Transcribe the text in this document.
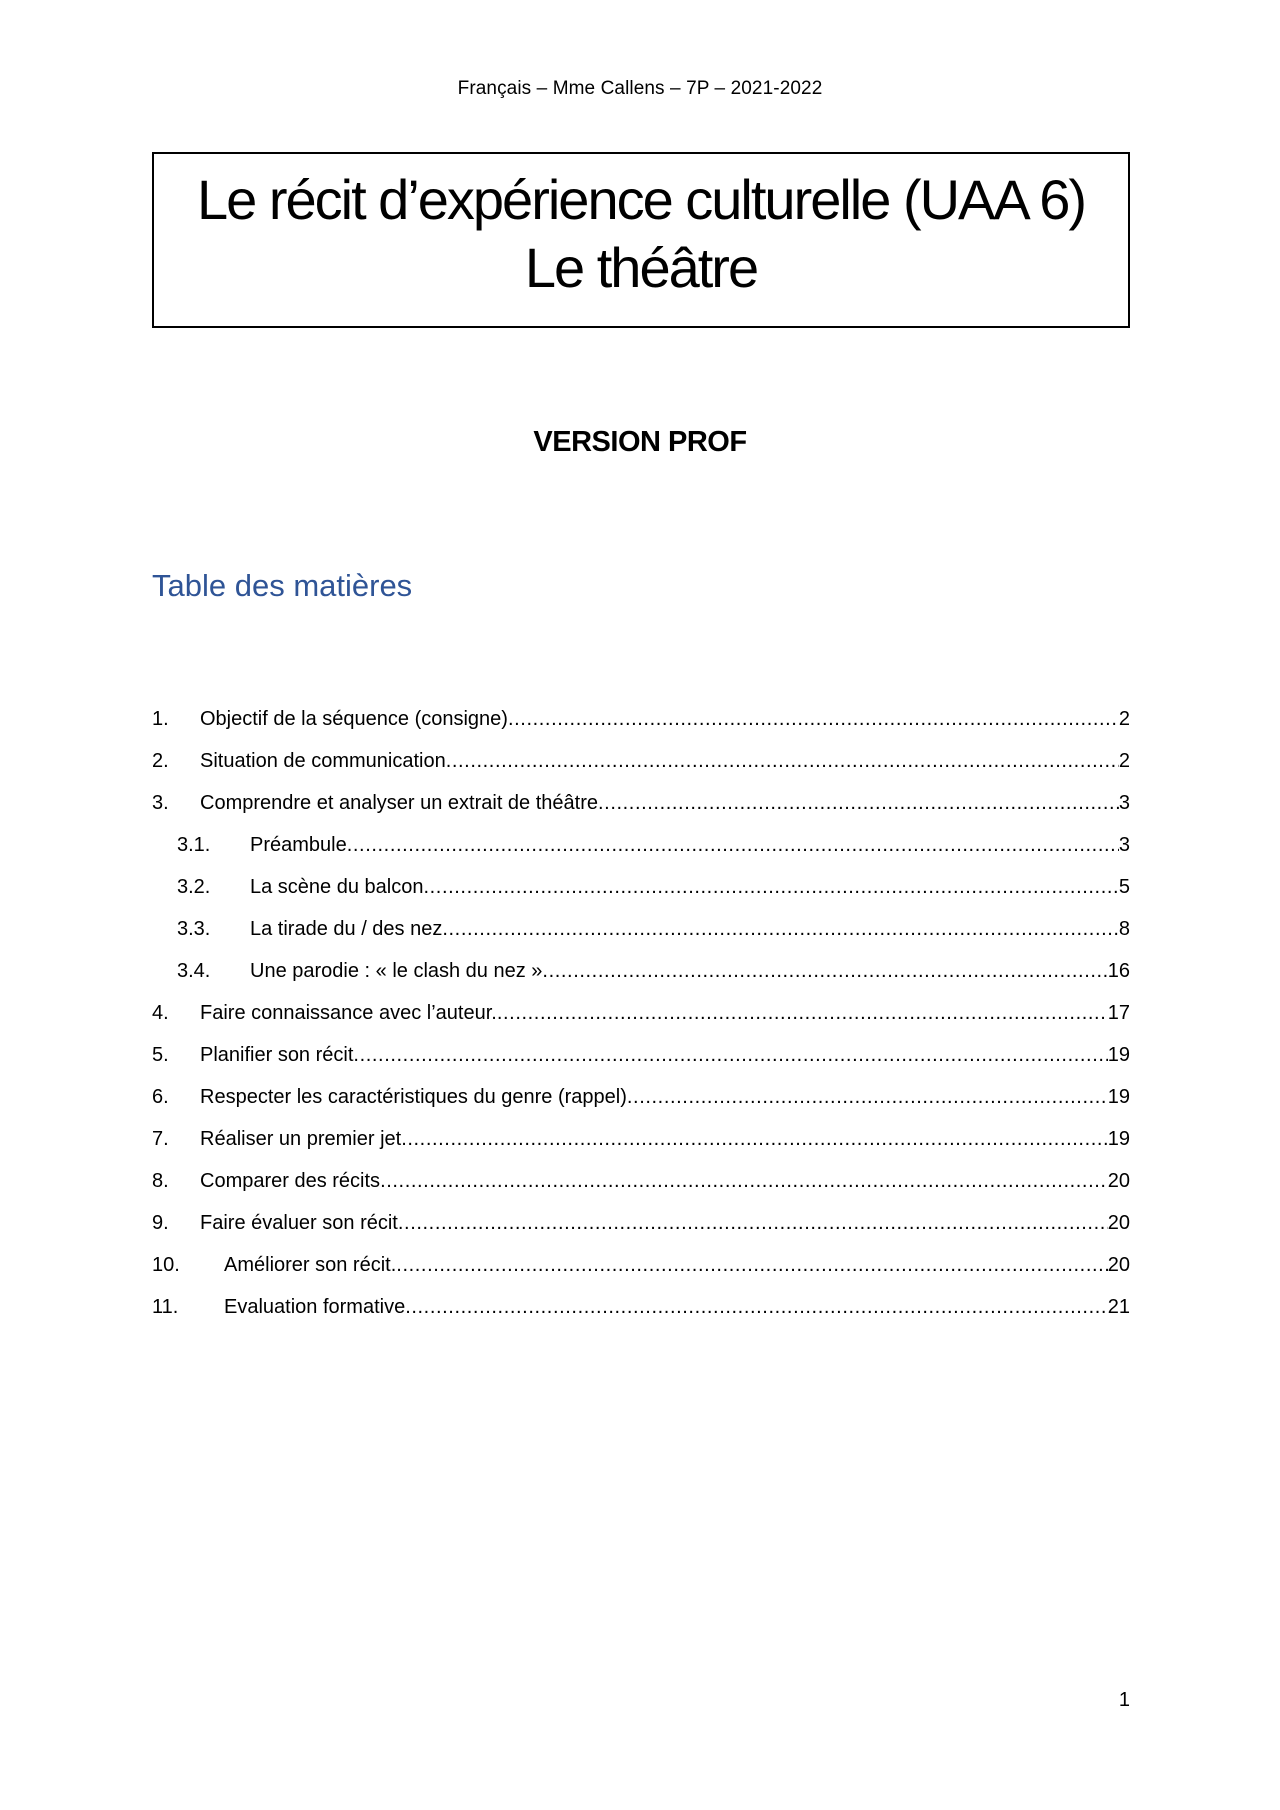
Français – Mme Callens – 7P – 2021-2022
Le récit d’expérience culturelle (UAA 6)
Le théâtre
VERSION PROF
Table des matières
1.	Objectif de la séquence (consigne) .....	2
2.	Situation de communication .....	2
3.	Comprendre et analyser un extrait de théâtre .....	3
3.1.	Préambule .....	3
3.2.	La scène du balcon .....	5
3.3.	La tirade du / des nez .....	8
3.4.	Une parodie : « le clash du nez » .....	16
4.	Faire connaissance avec l’auteur. .....	17
5.	Planifier son récit .....	19
6.	Respecter les caractéristiques du genre (rappel) .....	19
7.	Réaliser un premier jet .....	19
8.	Comparer des récits .....	20
9.	Faire évaluer son récit .....	20
10.	Améliorer son récit. .....	20
11.	Evaluation formative .....	21
1
